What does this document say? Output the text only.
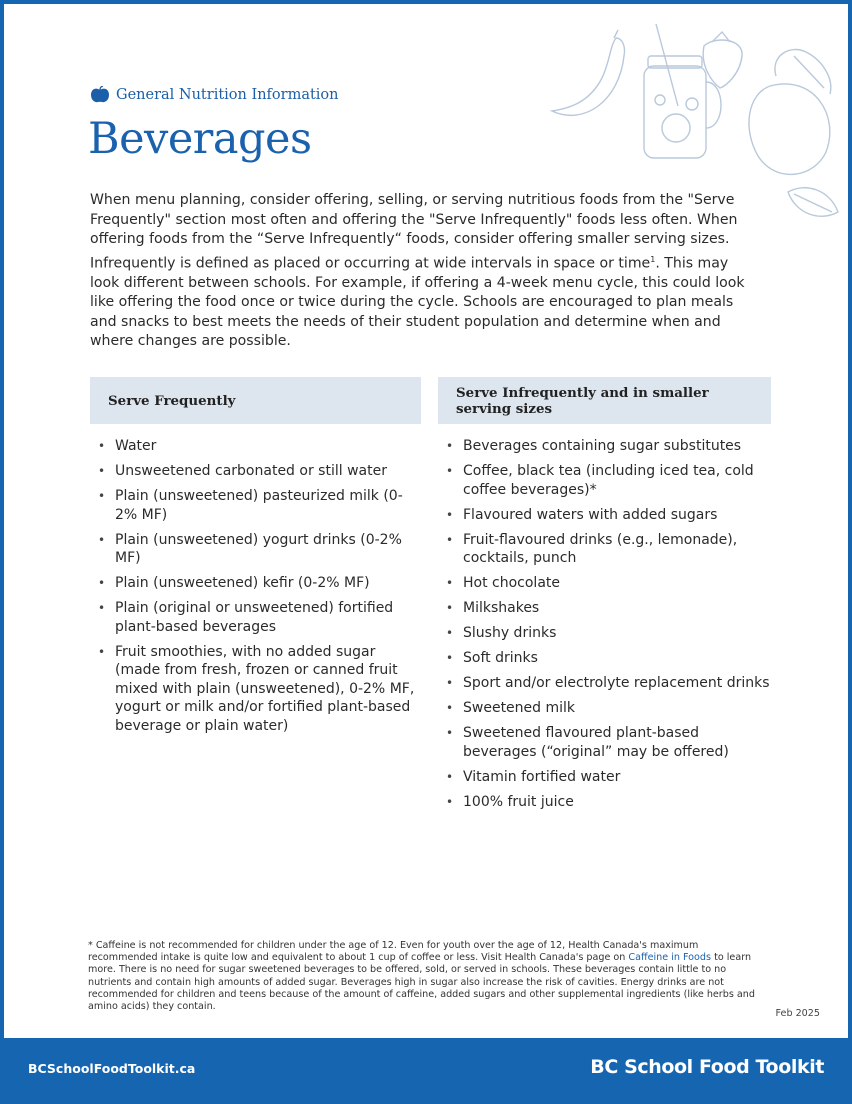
General Nutrition Information
Beverages

When menu planning, consider offering, selling, or serving nutritious foods from the "Serve Frequently" section most often and offering the "Serve Infrequently" foods less often. When offering foods from the “Serve Infrequently“ foods, consider offering smaller serving sizes. Infrequently is defined as placed or occurring at wide intervals in space or time$^1$. This may look different between schools. For example, if offering a 4-week menu cycle, this could look like offering the food once or twice during the cycle. Schools are encouraged to plan meals and snacks to best meets the needs of their student population and determine when and where changes are possible.

Serve Frequently	Serve Infrequently and in smaller serving sizes
• Water
• Unsweetened carbonated or still water
• Plain (unsweetened) pasteurized milk (0-2% MF)
• Plain (unsweetened) yogurt drinks (0-2% MF)
• Plain (unsweetened) kefir (0-2% MF)
• Plain (original or unsweetened) fortified plant-based beverages
• Fruit smoothies, with no added sugar (made from fresh, frozen or canned fruit mixed with plain (unsweetened), 0-2% MF, yogurt or milk and/or fortified plant-based beverage or plain water)
• Beverages containing sugar substitutes
• Coffee, black tea (including iced tea, cold coffee beverages)*
• Flavoured waters with added sugars
• Fruit-flavoured drinks (e.g., lemonade), cocktails, punch
• Hot chocolate
• Milkshakes
• Slushy drinks
• Soft drinks
• Sport and/or electrolyte replacement drinks
• Sweetened milk
• Sweetened flavoured plant-based beverages (“original” may be offered)
• Vitamin fortified water
• 100% fruit juice

* Caffeine is not recommended for children under the age of 12. Even for youth over the age of 12, Health Canada's maximum recommended intake is quite low and equivalent to about 1 cup of coffee or less. Visit Health Canada's page on Caffeine in Foods to learn more. There is no need for sugar sweetened beverages to be offered, sold, or served in schools. These beverages contain little to no nutrients and contain high amounts of added sugar. Beverages high in sugar also increase the risk of cavities. Energy drinks are not recommended for children and teens because of the amount of caffeine, added sugars and other supplemental ingredients (like herbs and amino acids) they contain.

Feb 2025
BCSchoolFoodToolkit.ca	BC School Food Toolkit
